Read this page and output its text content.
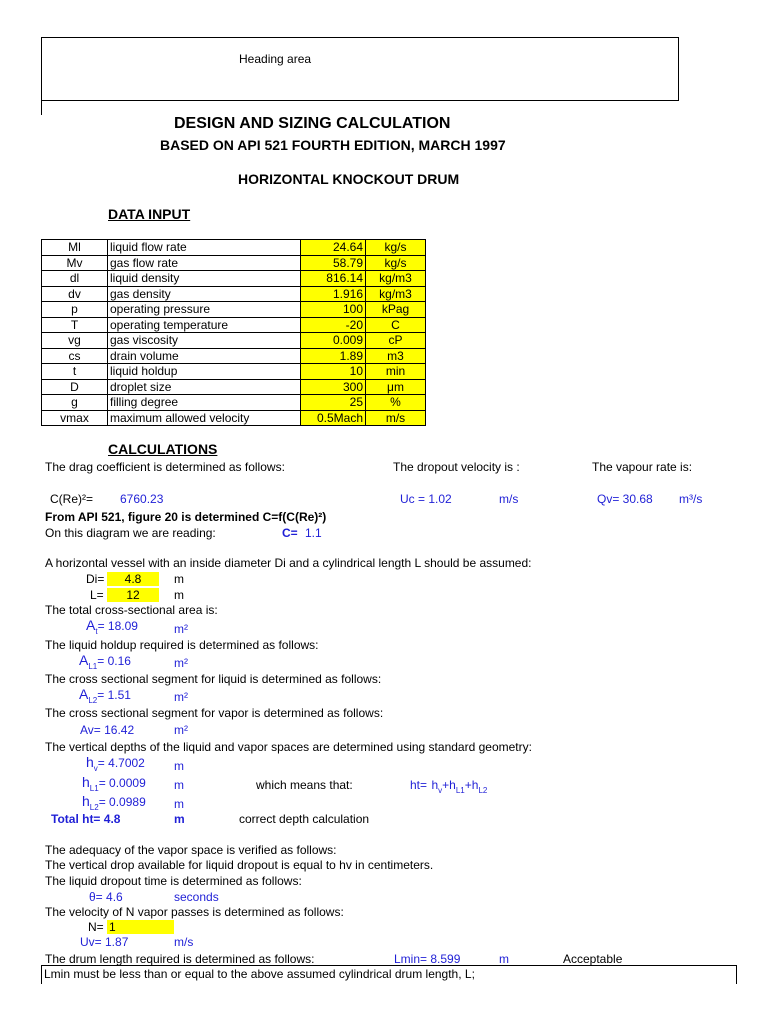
Heading area
DESIGN AND SIZING CALCULATION
BASED ON API 521 FOURTH EDITION, MARCH 1997
HORIZONTAL KNOCKOUT DRUM
DATA INPUT
Ml	liquid flow rate	24.64	kg/s
Mv	gas flow rate	58.79	kg/s
dl	liquid density	816.14	kg/m3
dv	gas density	1.916	kg/m3
p	operating pressure	100	kPag
T	operating temperature	-20	C
vg	gas viscosity	0.009	cP
cs	drain volume	1.89	m3
t	liquid holdup	10	min
D	droplet size	300	μm
g	filling degree	25	%
vmax	maximum allowed velocity	0.5Mach	m/s
CALCULATIONS
The drag coefficient is determined as follows:	The dropout velocity is :	The vapour rate is:
C(Re)²= 6760.23	Uc = 1.02	m/s	Qv= 30.68 m³/s
From API 521, figure 20 is determined C=f(C(Re)²)
On this diagram we are reading:	C= 1.1
A horizontal vessel with an inside diameter Di and a cylindrical length L should be assumed:
Di=	4.8	m
L=	12	m
The total cross-sectional area is:
$A_t= 18.09$	m²
The liquid holdup required is determined as follows:
$A_{L1}= 0.16$	m²
The cross sectional segment for liquid is determined as follows:
$A_{L2}= 1.51$	m²
The cross sectional segment for vapor is determined as follows:
Av= 16.42	m²
The vertical depths of the liquid and vapor spaces are determined using standard geometry:
$h_v= 4.7002$ m
$h_{L1}= 0.0009$ m	which means that:	$ht= h_v+h_{L1}+h_{L2}$
$h_{L2}= 0.0989$ m
Total ht= 4.8	m	correct depth calculation
The adequacy of the vapor space is verified as follows:
The vertical drop available for liquid dropout is equal to hv in centimeters.
The liquid dropout time is determined as follows:
θ= 4.6	seconds
The velocity of N vapor passes is determined as follows:
N= 1
Uv= 1.87	m/s
The drum length required is determined as follows:	Lmin= 8.599	m	Acceptable
Lmin must be less than or equal to the above assumed cylindrical drum length, L;
